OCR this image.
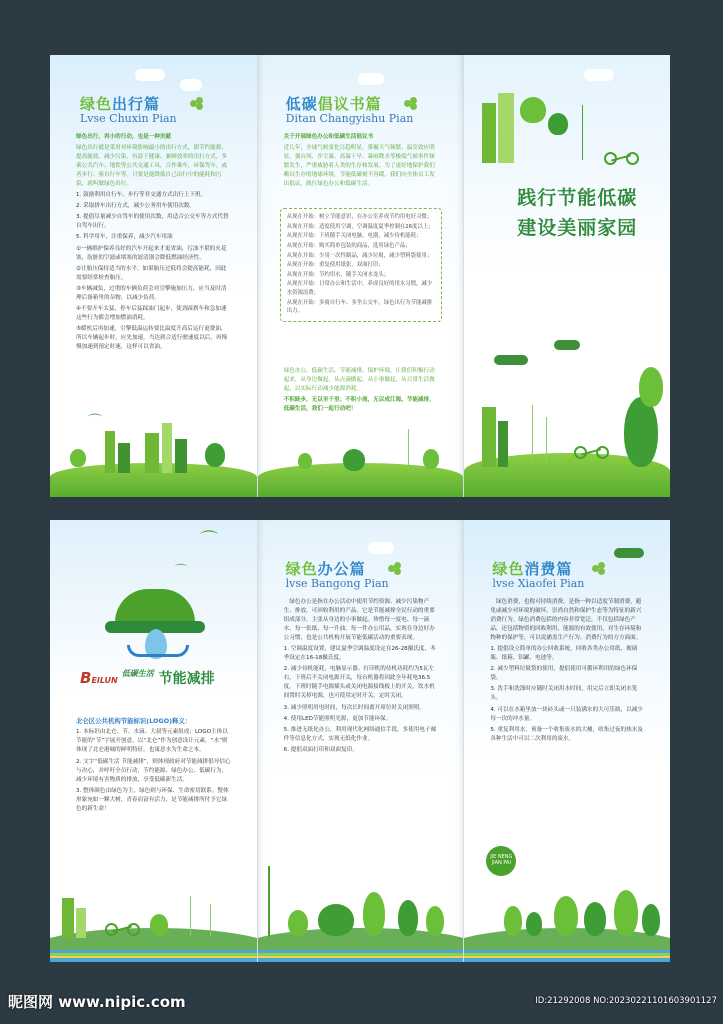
绿色出行篇
Lvse Chuxin Pian

绿色出行，再小的行动，也是一种贡献

绿色出行就是采用对环境影响最小的出行方式，即节约能源、提高能效、减少污染，有益于健康、兼顾效率的出行方式。多乘公共汽车、地铁等公共交通工具，合作乘车，环保驾车，或者步行、骑自行车等。只要是能降低自己出行中的能耗和污染，就叫做绿色出行。

1. 鼓励利用自行车、步行等非交通方式出行上下班。

2. 采取拼车出行方式，减少公务用车使用次数。

3. 提倡尽量减少自驾车的使用次数，用适合公交车等方式代替自驾车出行。

5. 科学用车，注重保养，减少汽车用油

①一辆维护保养良好的汽车开起来才更省油，污浊不堪的火花塞，肮脏的空滤或堵塞的滤清器会降低燃油经济性。

②让胎压保持适当的水平，如果胎压过低将会提高能耗，因此需要经常检查胎压。

③车辆减负，过重的车辆负荷会对引擎施加压力，应当及时清理后备箱里的杂物，以减少负荷。

④不要开车太猛，停车后猛踩油门起步，使劲踩刹车和急加速这些行为都会增加燃油消耗。

⑤暖机后再加速，引擎低温运转要比温度升高后运行更费油，所以车辆起步时，应先加速，当达到合适行驶速度以后，再慢慢加速到预定时速，这样可以省油。

⌒
低碳倡议书篇
Ditan Changyishu Pian

关于开展绿色办公和低碳生活倡议书

近几年，全球气候变化日趋明显，雾霾天气频繁，温室效应明显，强台风、沙尘暴、高温干旱、暴雨降水等极端气候事件频繁发生，严重威胁着人类的生存和发展。为了更好地保护我们赖以生存的地球环境，节能低碳刻不容缓。我们向全体员工发出倡议，践行绿色办公和低碳生活。

从现在开始：树立节能意识，在办公室养成节约用电好习惯；

从现在开始：适度使用空调，空调温度夏季控制在26度以上；

从现在开始：下班随手关闭电脑、电器，减少待机能耗；

从现在开始：购买简单包装的商品，选用绿色产品；

从现在开始：少用一次性制品，减少垃圾，减少塑料袋使用；

从现在开始：重复使用纸张，双面打印；

从现在开始：节约用水，随手关闭水龙头；

从现在开始：日常办公和生活中，养成良好的用水习惯，减少水资源浪费；

从现在开始：多骑自行车、多坐公交车，绿色出行为节能减排出力。

绿色办公，低碳生活，节能减排，保护环境，让我们积极行动起来，从身边做起，从点滴做起，从小事做起，从日常生活做起，以实际行动减少能源消耗。

不积跬步，无以至千里；不积小流，无以成江海。节能减排，低碳生活，我们一起行动吧！

践行节能低碳
建设美丽家园
⌒
⌒
$BEILUN^{低碳生活}$ 节能减排

北仑区公共机构节能标识(LOGO)释义：

1. 本标识由北仑、节、水滴、大叔等元素组成；LOGO主体以节能的“节”字展开创意，以“北仑”作为创意设计元素，“水”则体现了北仑港城的鲜明特征，也寓意水为生命之本。

2. 文字“低碳生活 节能减排”，则体现政府对节能减排倡导信心与决心，并呼吁全员行动，节约能源、绿色办公、低碳行为，减少环境有害物质的排放，享受低碳新生活。

3. 整体颜色由绿色为主，绿色则与环保、生命密切联系。整体形象宛如一颗大树，青春而富有活力，是节能减排所付予它绿色的新生命！

绿色办公篇
lvse Bangong Pian

绿色办公是指在办公活动中使用节约资源、减少污染物产生、排放，可回收利用的产品。它是节能减排全民行动的重要组成部分，主张从身边的小事做起。珍惜每一度电、每一滴水、每一张纸、每一升油、每一件办公用品，实现在身边好办公习惯，也是公共机构开展节能低碳活动的重要表现。

1. 空调温度设置，建议夏季空调温度设定在26-28摄氏度，冬季设定在16-18摄氏度。

2. 减少待机能耗，电脑显示器、打印机的待机功耗约为5瓦左右，下班后不关闭电源开关，每台机器将因此全年耗电36.5度。下班时随手电源插头或关闭电源接线板上的开关，饮水机间置时关掉电源，也可使用定时开关，定时关闭。

3. 减少照明用电时间，每次长时间离开席位时关闭照明。

4. 使用LED节能照明光源，更加节能环保。

5. 推进无纸化办公，利用现代化网络通信手段，多使用电子邮件等信息化方式，实现无纸化作业。

6. 提倡双面打印和双面复印。

绿色消费篇
lvse Xiaofei Pian

绿色消费，也称可持续消费，是指一种以适度节制消费，避免或减少对环境的破坏，崇尚自然和保护生态等为特征的新兴消费行为。绿色消费包括的内容非常宽泛，不仅包括绿色产品，还包括物资的回收利用、能源的有效使用，对生存环境和物种的保护等，可以说涵盖生产行为、消费行为的方方面面。

1. 提倡设立简单的办公回收系统，回收各类办公用纸、玻璃瓶、纸箱、铝罐、电池等。

2. 减少塑料垃圾袋的使用，提倡使用可循环利用的绿色环保袋。

3. 洗手和洗涤时应随时关闭用水时间，用完后立即关闭水笼头。

4. 可以在水箱里放一块砖头或一只装满水的大可乐瓶，以减少每一次的冲水量。

5. 重复利用水。预备一个收集废水的大桶，收集过夜的热水及各种生活中可以二次利用的废水。

JIE NENG JIAN PAI
昵图网 www.nipic.com	ID:21292008 NO:20230221101603901127
